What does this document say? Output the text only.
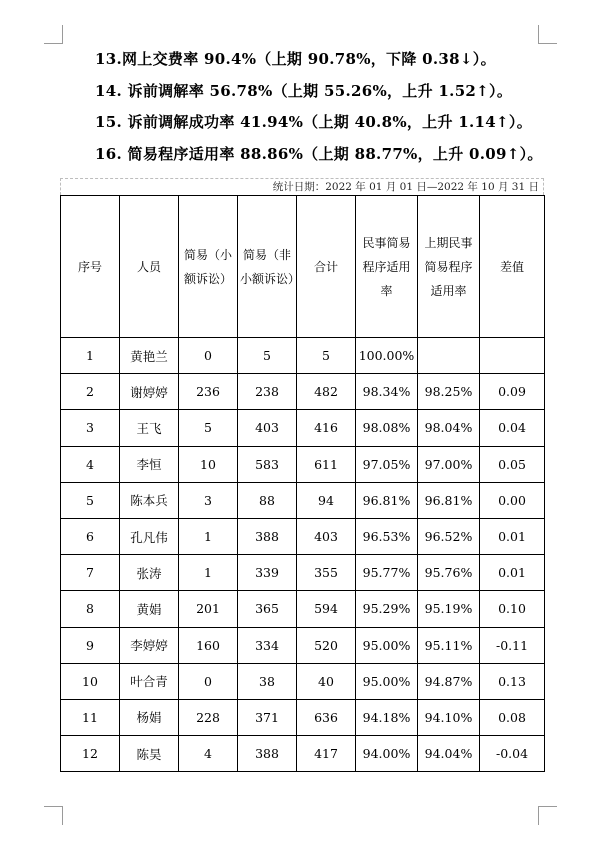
13.网上交费率 90.4%（上期 90.78%，下降 0.38↓）。
14. 诉前调解率 56.78%（上期 55.26%，上升 1.52↑）。
15. 诉前调解成功率 41.94%（上期 40.8%，上升 1.14↑）。
16. 简易程序适用率 88.86%（上期 88.77%，上升 0.09↑）。
统计日期：2022 年 01 月 01 日—2022 年 10 月 31 日
序号	人员	简易（小额诉讼）	简易（非小额诉讼）	合计	民事简易程序适用率	上期民事简易程序适用率	差值
1	黄艳兰	0	5	5	100.00%		
2	谢婷婷	236	238	482	98.34%	98.25%	0.09
3	王飞	5	403	416	98.08%	98.04%	0.04
4	李恒	10	583	611	97.05%	97.00%	0.05
5	陈本兵	3	88	94	96.81%	96.81%	0.00
6	孔凡伟	1	388	403	96.53%	96.52%	0.01
7	张涛	1	339	355	95.77%	95.76%	0.01
8	黄娟	201	365	594	95.29%	95.19%	0.10
9	李婷婷	160	334	520	95.00%	95.11%	-0.11
10	叶合青	0	38	40	95.00%	94.87%	0.13
11	杨娟	228	371	636	94.18%	94.10%	0.08
12	陈昊	4	388	417	94.00%	94.04%	-0.04
